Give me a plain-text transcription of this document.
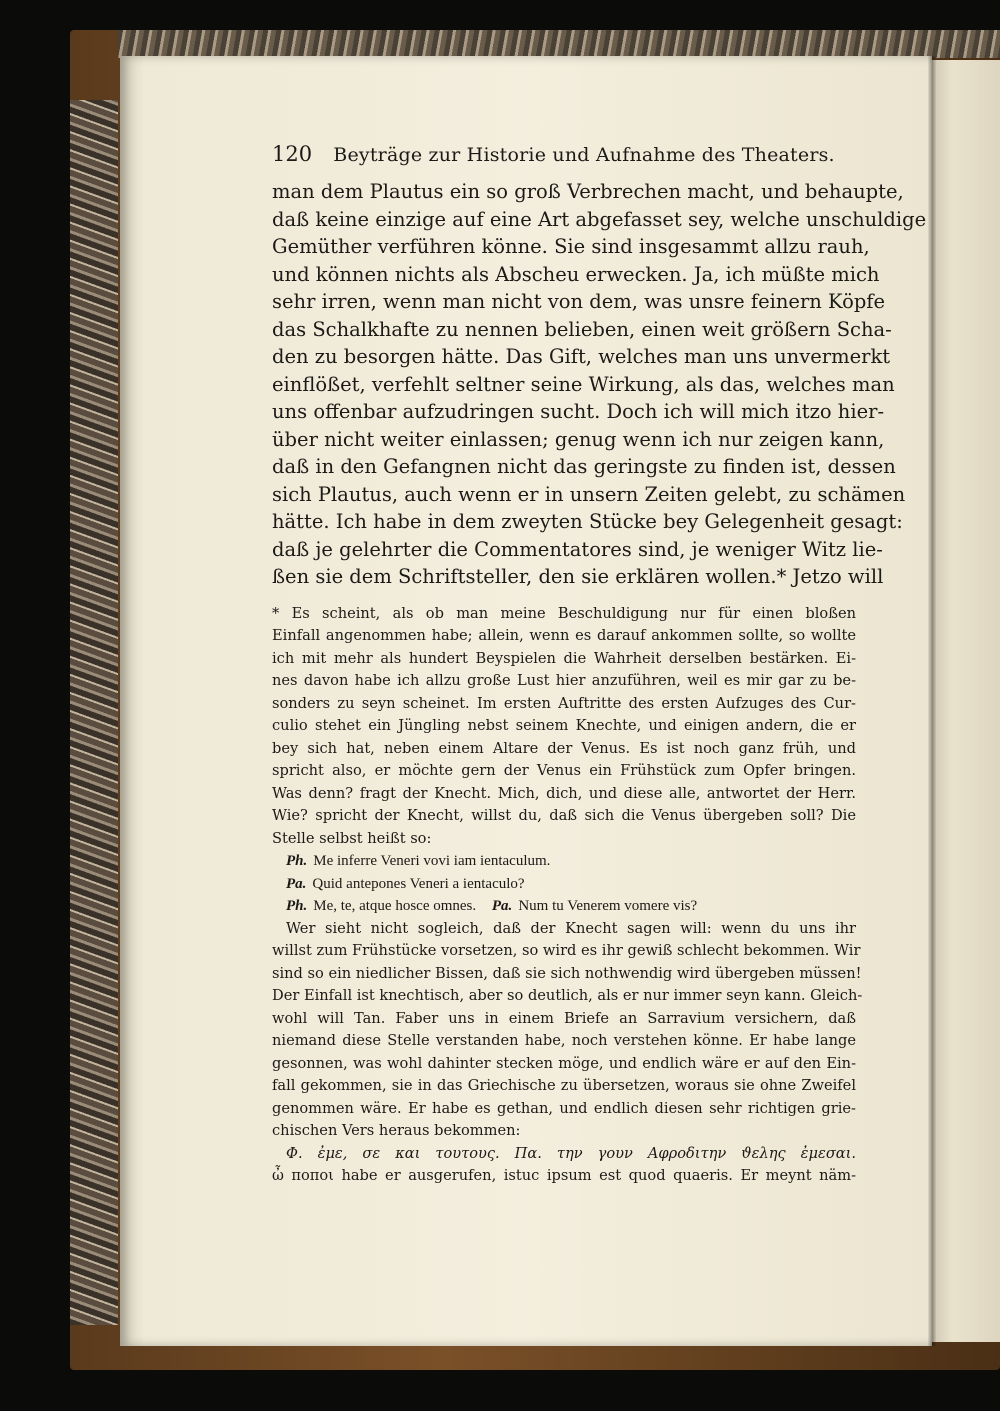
120	Beyträge zur Historie und Aufnahme des Theaters.

man dem Plautus ein so groß Verbrechen macht, und behaupte,

daß keine einzige auf eine Art abgefasset sey, welche unschuldige

Gemüther verführen könne. Sie sind insgesammt allzu rauh,

und können nichts als Abscheu erwecken. Ja, ich müßte mich

sehr irren, wenn man nicht von dem, was unsre feinern Köpfe

das Schalkhafte zu nennen belieben, einen weit größern Scha-

den zu besorgen hätte. Das Gift, welches man uns unvermerkt

einflößet, verfehlt seltner seine Wirkung, als das, welches man

uns offenbar aufzudringen sucht. Doch ich will mich itzo hier-

über nicht weiter einlassen; genug wenn ich nur zeigen kann,

daß in den Gefangnen nicht das geringste zu finden ist, dessen

sich Plautus, auch wenn er in unsern Zeiten gelebt, zu schämen

hätte. Ich habe in dem zweyten Stücke bey Gelegenheit gesagt:

daß je gelehrter die Commentatores sind, je weniger Witz lie-

ßen sie dem Schriftsteller, den sie erklären wollen.* Jetzo will

* Es scheint, als ob man meine Beschuldigung nur für einen bloßen

Einfall angenommen habe; allein, wenn es darauf ankommen sollte, so wollte

ich mit mehr als hundert Beyspielen die Wahrheit derselben bestärken. Ei-

nes davon habe ich allzu große Lust hier anzuführen, weil es mir gar zu be-

sonders zu seyn scheinet. Im ersten Auftritte des ersten Aufzuges des Cur-

culio stehet ein Jüngling nebst seinem Knechte, und einigen andern, die er

bey sich hat, neben einem Altare der Venus. Es ist noch ganz früh, und

spricht also, er möchte gern der Venus ein Frühstück zum Opfer bringen.

Was denn? fragt der Knecht. Mich, dich, und diese alle, antwortet der Herr.

Wie? spricht der Knecht, willst du, daß sich die Venus übergeben soll? Die

Stelle selbst heißt so:

Ph. Me inferre Veneri vovi iam ientaculum.
Pa. Quid antepones Veneri a ientaculo?
Ph. Me, te, atque hosce omnes. Pa. Num tu Venerem vomere vis?

Wer sieht nicht sogleich, daß der Knecht sagen will: wenn du uns ihr

willst zum Frühstücke vorsetzen, so wird es ihr gewiß schlecht bekommen. Wir

sind so ein niedlicher Bissen, daß sie sich nothwendig wird übergeben müssen!

Der Einfall ist knechtisch, aber so deutlich, als er nur immer seyn kann. Gleich-

wohl will Tan. Faber uns in einem Briefe an Sarravium versichern, daß

niemand diese Stelle verstanden habe, noch verstehen könne. Er habe lange

gesonnen, was wohl dahinter stecken möge, und endlich wäre er auf den Ein-

fall gekommen, sie in das Griechische zu übersetzen, woraus sie ohne Zweifel

genommen wäre. Er habe es gethan, und endlich diesen sehr richtigen grie-

chischen Vers heraus bekommen:

Φ. ἐμε, σε και τουτους. Πα. την γουν Αφροδιτην ϑελης ἐμεσαι.

ὦ ποποι habe er ausgerufen, istuc ipsum est quod quaeris. Er meynt näm-
